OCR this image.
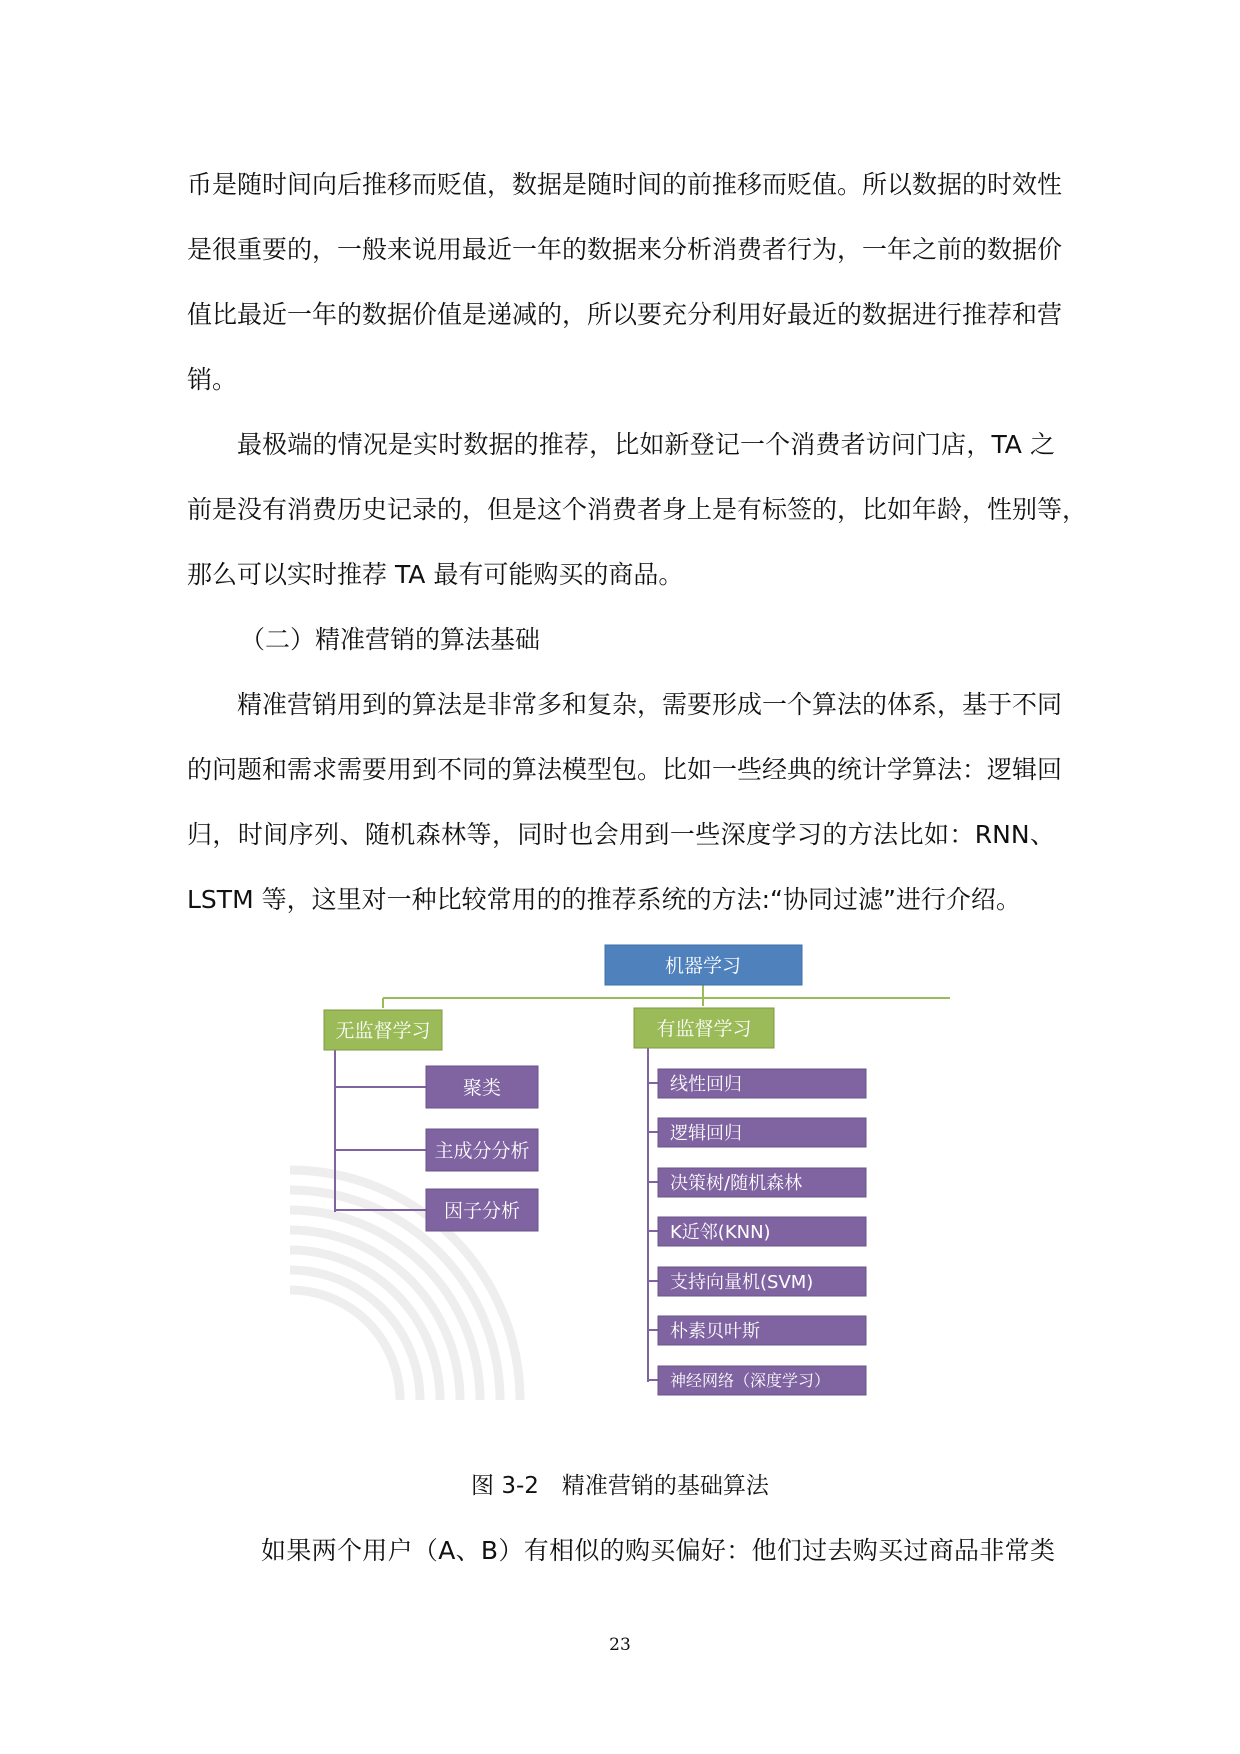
币是随时间向后推移而贬值，数据是随时间的前推移而贬值。所以数据的时效性
是很重要的，一般来说用最近一年的数据来分析消费者行为，一年之前的数据价
值比最近一年的数据价值是递减的，所以要充分利用好最近的数据进行推荐和营
销。
最极端的情况是实时数据的推荐，比如新登记一个消费者访问门店，TA 之
前是没有消费历史记录的，但是这个消费者身上是有标签的，比如年龄，性别等，
那么可以实时推荐 TA 最有可能购买的商品。
（二）精准营销的算法基础
精准营销用到的算法是非常多和复杂，需要形成一个算法的体系，基于不同
的问题和需求需要用到不同的算法模型包。比如一些经典的统计学算法：逻辑回
归，时间序列、随机森林等，同时也会用到一些深度学习的方法比如：RNN、
LSTM 等，这里对一种比较常用的的推荐系统的方法:“协同过滤”进行介绍。
机器学习
无监督学习	有监督学习
聚类
主成分分析
因子分析
线性回归
逻辑回归
决策树/随机森林
K近邻(KNN)
支持向量机(SVM)
朴素贝叶斯
神经网络（深度学习）
图 3-2　精准营销的基础算法
如果两个用户（A、B）有相似的购买偏好：他们过去购买过商品非常类
23
